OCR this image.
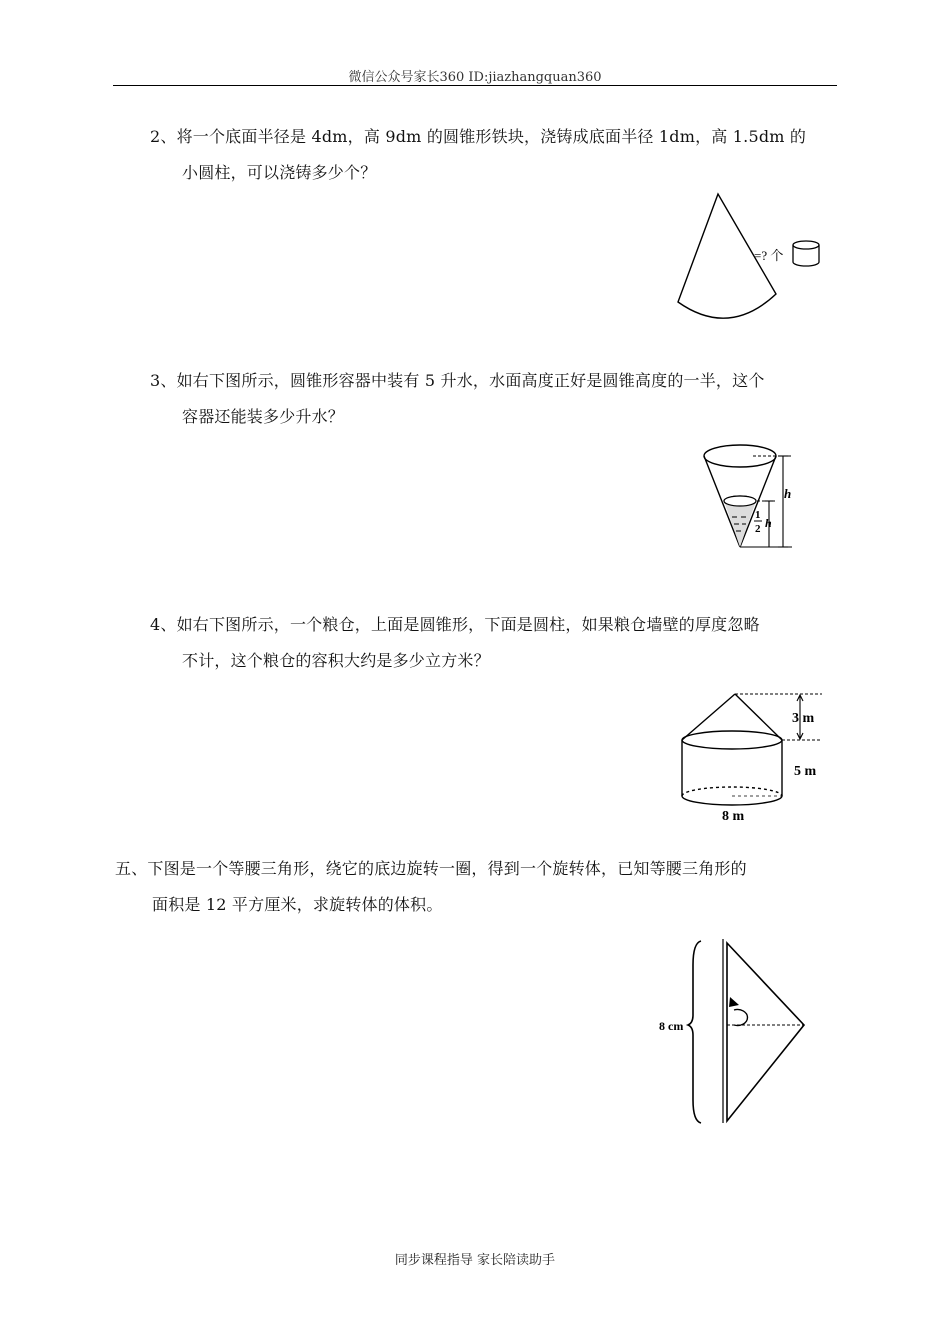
微信公众号家长360 ID:jiazhangquan360
2、将一个底面半径是 4dm，高 9dm 的圆锥形铁块，浇铸成底面半径 1dm，高 1.5dm 的
小圆柱，可以浇铸多少个？
=? 个
3、如右下图所示，圆锥形容器中装有 5 升水，水面高度正好是圆锥高度的一半，这个
容器还能装多少升水？
h
1
2 h
4、如右下图所示，一个粮仓，上面是圆锥形，下面是圆柱，如果粮仓墙壁的厚度忽略
不计，这个粮仓的容积大约是多少立方米？
3 m
5 m
8 m
五、下图是一个等腰三角形，绕它的底边旋转一圈，得到一个旋转体，已知等腰三角形的
面积是 12 平方厘米，求旋转体的体积。
8 cm
同步课程指导 家长陪读助手
